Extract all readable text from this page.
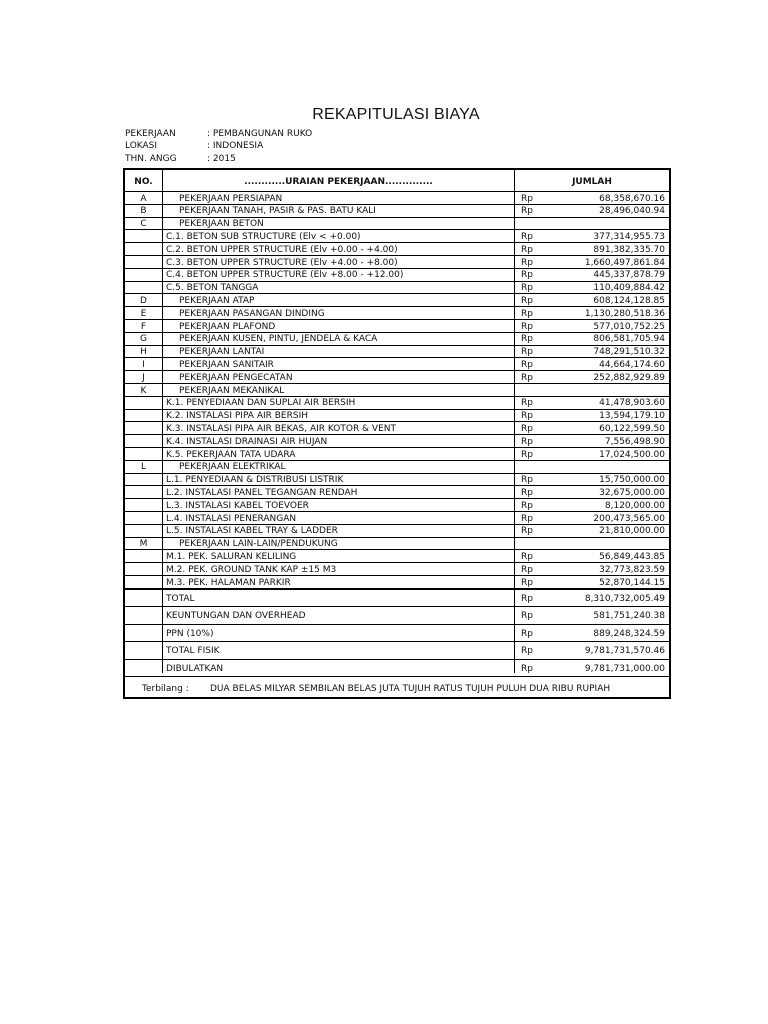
REKAPITULASI BIAYA
PEKERJAAN	: PEMBANGUNAN RUKO
LOKASI	: INDONESIA
THN. ANGG	: 2015
NO.	............URAIAN PEKERJAAN..............	JUMLAH
Terbilang : DUA BELAS MILYAR SEMBILAN BELAS JUTA TUJUH RATUS TUJUH PULUH DUA RIBU RUPIAH
A	PEKERJAAN PERSIAPAN	Rp	68,358,670.16
B	PEKERJAAN TANAH, PASIR & PAS. BATU KALI	Rp	28,496,040.94
C	PEKERJAAN BETON
C.1. BETON SUB STRUCTURE (Elv < +0.00)	Rp	377,314,955.73
C.2. BETON UPPER STRUCTURE (Elv +0.00 - +4.00)	Rp	891,382,335.70
C.3. BETON UPPER STRUCTURE (Elv +4.00 - +8.00)	Rp	1,660,497,861.84
C.4. BETON UPPER STRUCTURE (Elv +8.00 - +12.00)	Rp	445,337,878.79
C.5. BETON TANGGA	Rp	110,409,884.42
D	PEKERJAAN ATAP	Rp	608,124,128.85
E	PEKERJAAN PASANGAN DINDING	Rp	1,130,280,518.36
F	PEKERJAAN PLAFOND	Rp	577,010,752.25
G	PEKERJAAN KUSEN, PINTU, JENDELA & KACA	Rp	806,581,705.94
H	PEKERJAAN LANTAI	Rp	748,291,510.32
I	PEKERJAAN SANITAIR	Rp	44,664,174.60
J	PEKERJAAN PENGECATAN	Rp	252,882,929.89
K	PEKERJAAN MEKANIKAL
K.1. PENYEDIAAN DAN SUPLAI AIR BERSIH	Rp	41,478,903.60
K.2. INSTALASI PIPA AIR BERSIH	Rp	13,594,179.10
K.3. INSTALASI PIPA AIR BEKAS, AIR KOTOR & VENT	Rp	60,122,599.50
K.4. INSTALASI DRAINASI AIR HUJAN	Rp	7,556,498.90
K.5. PEKERJAAN TATA UDARA	Rp	17,024,500.00
L	PEKERJAAN ELEKTRIKAL
L.1. PENYEDIAAN & DISTRIBUSI LISTRIK	Rp	15,750,000.00
L.2. INSTALASI PANEL TEGANGAN RENDAH	Rp	32,675,000.00
L.3. INSTALASI KABEL TOEVOER	Rp	8,120,000.00
L.4. INSTALASI PENERANGAN	Rp	200,473,565.00
L.5. INSTALASI KABEL TRAY & LADDER	Rp	21,810,000.00
M	PEKERJAAN LAIN-LAIN/PENDUKUNG
M.1. PEK. SALURAN KELILING	Rp	56,849,443.85
M.2. PEK. GROUND TANK KAP ±15 M3	Rp	32,773,823.59
M.3. PEK. HALAMAN PARKIR	Rp	52,870,144.15
TOTAL	Rp	8,310,732,005.49
KEUNTUNGAN DAN OVERHEAD	Rp	581,751,240.38
PPN (10%)	Rp	889,248,324.59
TOTAL FISIK	Rp	9,781,731,570.46
DIBULATKAN	Rp	9,781,731,000.00
